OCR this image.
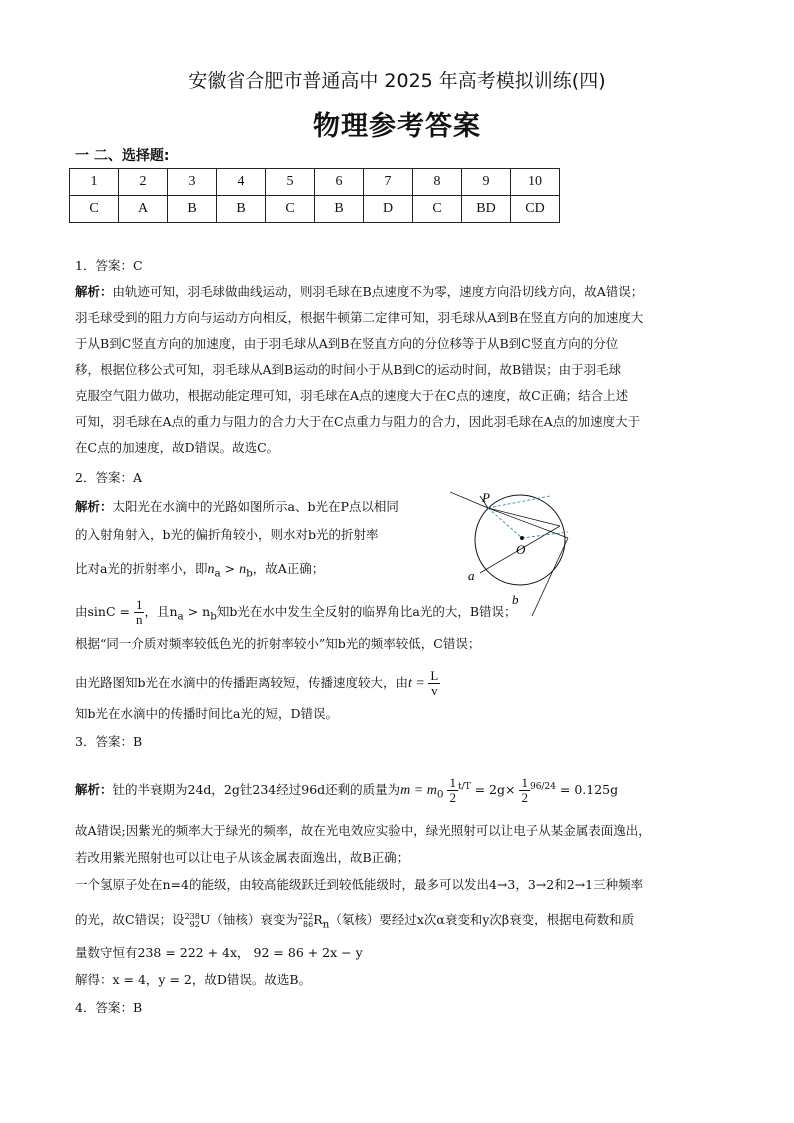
安徽省合肥市普通高中 2025 年高考模拟训练(四)
物理参考答案
一 二、选择题:
1	2	3	4	5	6	7	8	9	10
C	A	B	B	C	B	D	C	BD	CD
1．答案：C
解析：由轨迹可知，羽毛球做曲线运动，则羽毛球在B点速度不为零，速度方向沿切线方向，故A错误；
羽毛球受到的阻力方向与运动方向相反，根据牛顿第二定律可知，羽毛球从A到B在竖直方向的加速度大
于从B到C竖直方向的加速度，由于羽毛球从A到B在竖直方向的分位移等于从B到C竖直方向的分位
移，根据位移公式可知，羽毛球从A到B运动的时间小于从B到C的运动时间，故B错误；由于羽毛球
克服空气阻力做功，根据动能定理可知，羽毛球在A点的速度大于在C点的速度，故C正确；结合上述
可知，羽毛球在A点的重力与阻力的合力大于在C点重力与阻力的合力，因此羽毛球在A点的加速度大于
在C点的加速度，故D错误。故选C。
2．答案：A
解析：太阳光在水滴中的光路如图所示a、b光在P点以相同
的入射角射入，b光的偏折角较小，则水对b光的折射率
比对a光的折射率小，即$n_a > n_b$，故A正确；
由$\sin C = \frac{1}{n}$ ，且$n_a > n_b$知b光在水中发生全反射的临界角比a光的大，B错误；
根据“同一介质对频率较低色光的折射率较小”知b光的频率较低，C错误；
由光路图知b光在水滴中的传播距离较短，传播速度较大，由$t = \frac{L}{v}$
知b光在水滴中的传播时间比a光的短，D错误。
P
O
a
b
3．答案：B
解析：钍的半衰期为24d，2g钍234经过96d还剩的质量为$m = m_0 \frac{1}{2} ^{t/T} = 2g\times \frac{1}{2} ^{96/24} = 0.125g$
故A错误;因紫光的频率大于绿光的频率，故在光电效应实验中，绿光照射可以让电子从某金属表面逸出，
若改用紫光照射也可以让电子从该金属表面逸出，故B正确；
一个氢原子处在n=4的能级，由较高能级跃迁到较低能级时，最多可以发出4→3，3→2和2→1三种频率
的光，故C错误；设 238
92 U（铀核）衰变为 222
86 $R_n$（氡核）要经过x次α衰变和y次β衰变，根据电荷数和质
量数守恒有238 = 222 + 4x， 92 = 86 + 2x − y
解得：x = 4，y = 2，故D错误。故选B。
4．答案：B
